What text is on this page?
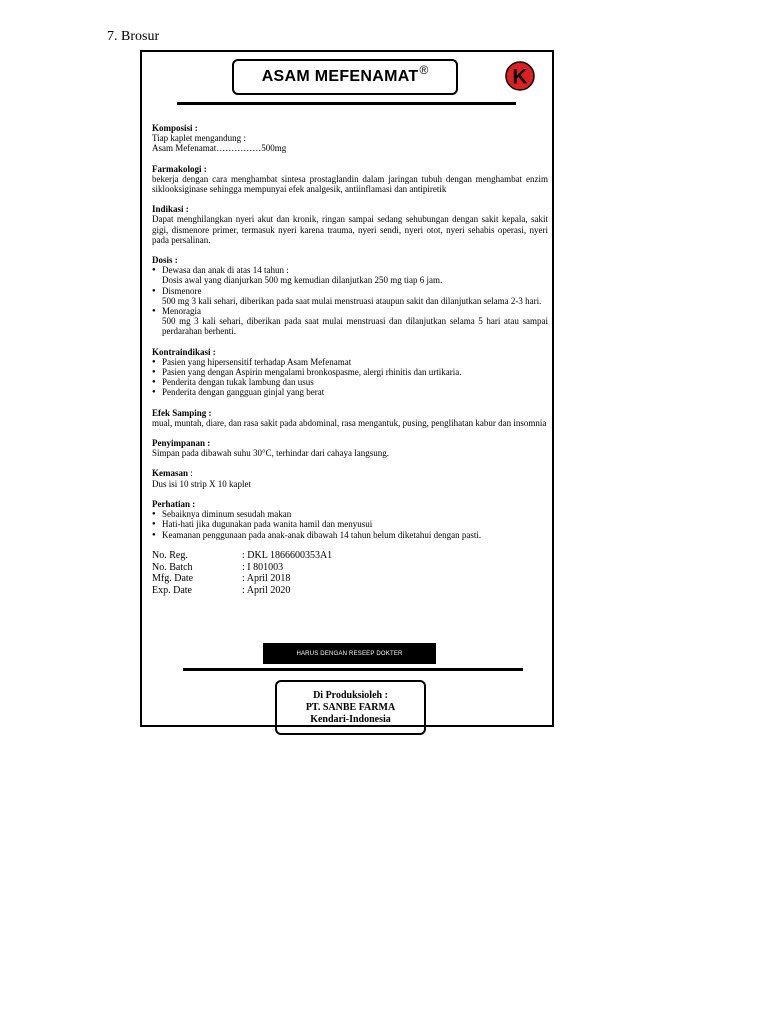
7. Brosur
ASAM MEFENAMAT ®	K
Komposisi :
Tiap kaplet mengandung :
Asam Mefenamat……………500mg
Farmakologi :
bekerja dengan cara menghambat sintesa prostaglandin dalam jaringan tubuh dengan menghambat enzim siklooksiginase sehingga mempunyai efek analgesik, antiinflamasi dan antipiretik
Indikasi :
Dapat menghilangkan nyeri akut dan kronik, ringan sampai sedang sehubungan dengan sakit kepala, sakit gigi, dismenore primer, termasuk nyeri karena trauma, nyeri sendi, nyeri otot, nyeri sehabis operasi, nyeri pada persalinan.
Dosis :
● Dewasa dan anak di atas 14 tahun :
Dosis awal yang dianjurkan 500 mg kemudian dilanjutkan 250 mg tiap 6 jam.
● Dismenore
500 mg 3 kali sehari, diberikan pada saat mulai menstruasi ataupun sakit dan dilanjutkan selama 2-3 hari.
● Menoragia
500 mg 3 kali sehari, diberikan pada saat mulai menstruasi dan dilanjutkan selama 5 hari atau sampai perdarahan berhenti.
Kontraindikasi :
● Pasien yang hipersensitif terhadap Asam Mefenamat
● Pasien yang dengan Aspirin mengalami bronkospasme, alergi rhinitis dan urtikaria.
● Penderita dengan tukak lambung dan usus
● Penderita dengan gangguan ginjal yang berat
Efek Samping :
mual, muntah, diare, dan rasa sakit pada abdominal, rasa mengantuk, pusing, penglihatan kabur dan insomnia
Penyimpanan :
Simpan pada dibawah suhu 30°C, terhindar dari cahaya langsung.
Kemasan :
Dus isi 10 strip X 10 kaplet
Perhatian :
● Sebaiknya diminum sesudah makan
● Hati-hati jika dugunakan pada wanita hamil dan menyusui
● Keamanan penggunaan pada anak-anak dibawah 14 tahun belum diketahui dengan pasti.
No. Reg.	: DKL 1866600353A1
No. Batch	: I 801003
Mfg. Date	: April 2018
Exp. Date	: April 2020
HARUS DENGAN RESEEP DOKTER
Di Produksioleh :
PT. SANBE FARMA
Kendari-Indonesia
